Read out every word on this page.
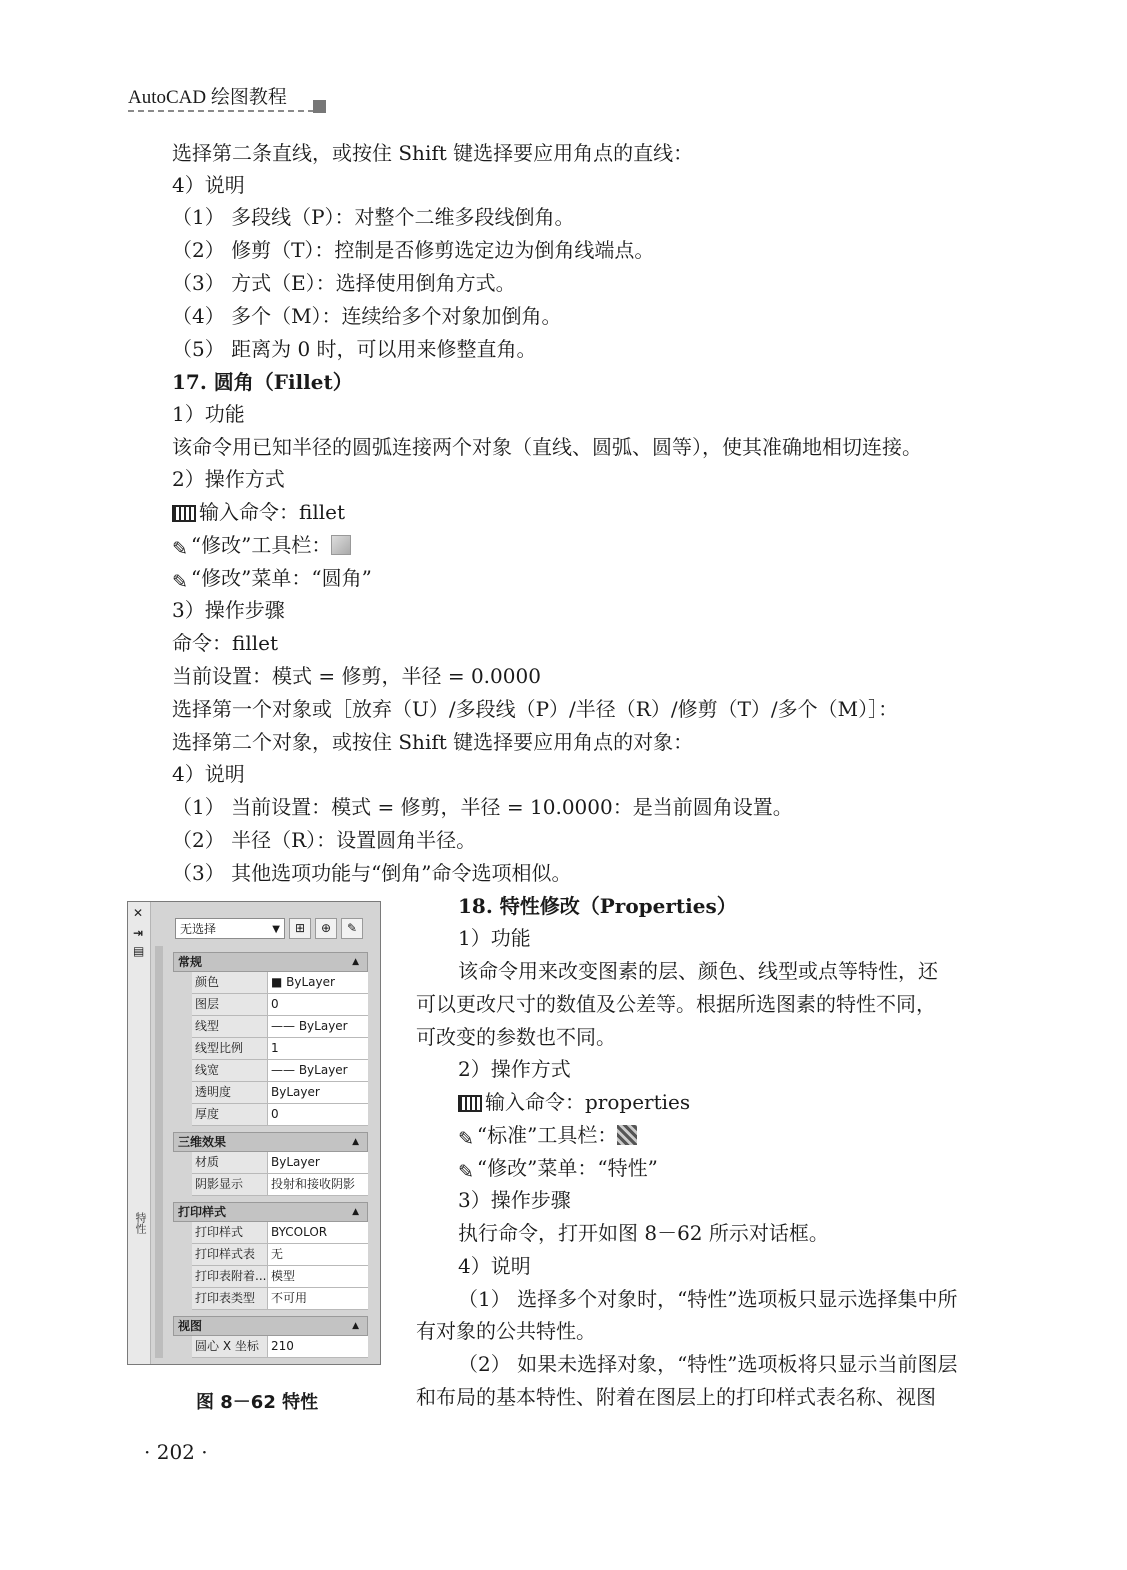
AutoCAD 绘图教程
选择第二条直线，或按住 Shift 键选择要应用角点的直线：
4）说明
（1） 多段线（P）：对整个二维多段线倒角。
（2） 修剪（T）：控制是否修剪选定边为倒角线端点。
（3） 方式（E）：选择使用倒角方式。
（4） 多个（M）：连续给多个对象加倒角。
（5） 距离为 0 时，可以用来修整直角。
17. 圆角（Fillet）
1）功能
该命令用已知半径的圆弧连接两个对象（直线、圆弧、圆等），使其准确地相切连接。
2）操作方式
输入命令：fillet
✎ “修改”工具栏：
✎ “修改”菜单：“圆角”
3）操作步骤
命令：fillet
当前设置：模式 = 修剪，半径 = 0.0000
选择第一个对象或［放弃（U）/多段线（P）/半径（R）/修剪（T）/多个（M）］：
选择第二个对象，或按住 Shift 键选择要应用角点的对象：
4）说明
（1） 当前设置：模式 = 修剪，半径 = 10.0000：是当前圆角设置。
（2） 半径（R）：设置圆角半径。
（3） 其他选项功能与“倒角”命令选项相似。
18. 特性修改（Properties）
1）功能
该命令用来改变图素的层、颜色、线型或点等特性，还
可以更改尺寸的数值及公差等。根据所选图素的特性不同，
可改变的参数也不同。
2）操作方式
输入命令：properties
✎ “标准”工具栏：
✎ “修改”菜单：“特性”
3）操作步骤
执行命令，打开如图 8－62 所示对话框。
4）说明
（1） 选择多个对象时，“特性”选项板只显示选择集中所
有对象的公共特性。
（2） 如果未选择对象，“特性”选项板将只显示当前图层
和布局的基本特性、附着在图层上的打印样式表名称、视图
✕
⇥
▤
特性
无选择	▼	⊞	⊕	✎
常规	▲
颜色	■ ByLayer
图层	0
线型	—— ByLayer
线型比例	1
线宽	—— ByLayer
透明度	ByLayer
厚度	0
三维效果	▲
材质	ByLayer
阴影显示	投射和接收阴影
打印样式	▲
打印样式	BYCOLOR
打印样式表	无
打印表附着... 模型
打印表类型	不可用
视图	▲
圆心 X 坐标	210
图 8－62 特性
· 202 ·
